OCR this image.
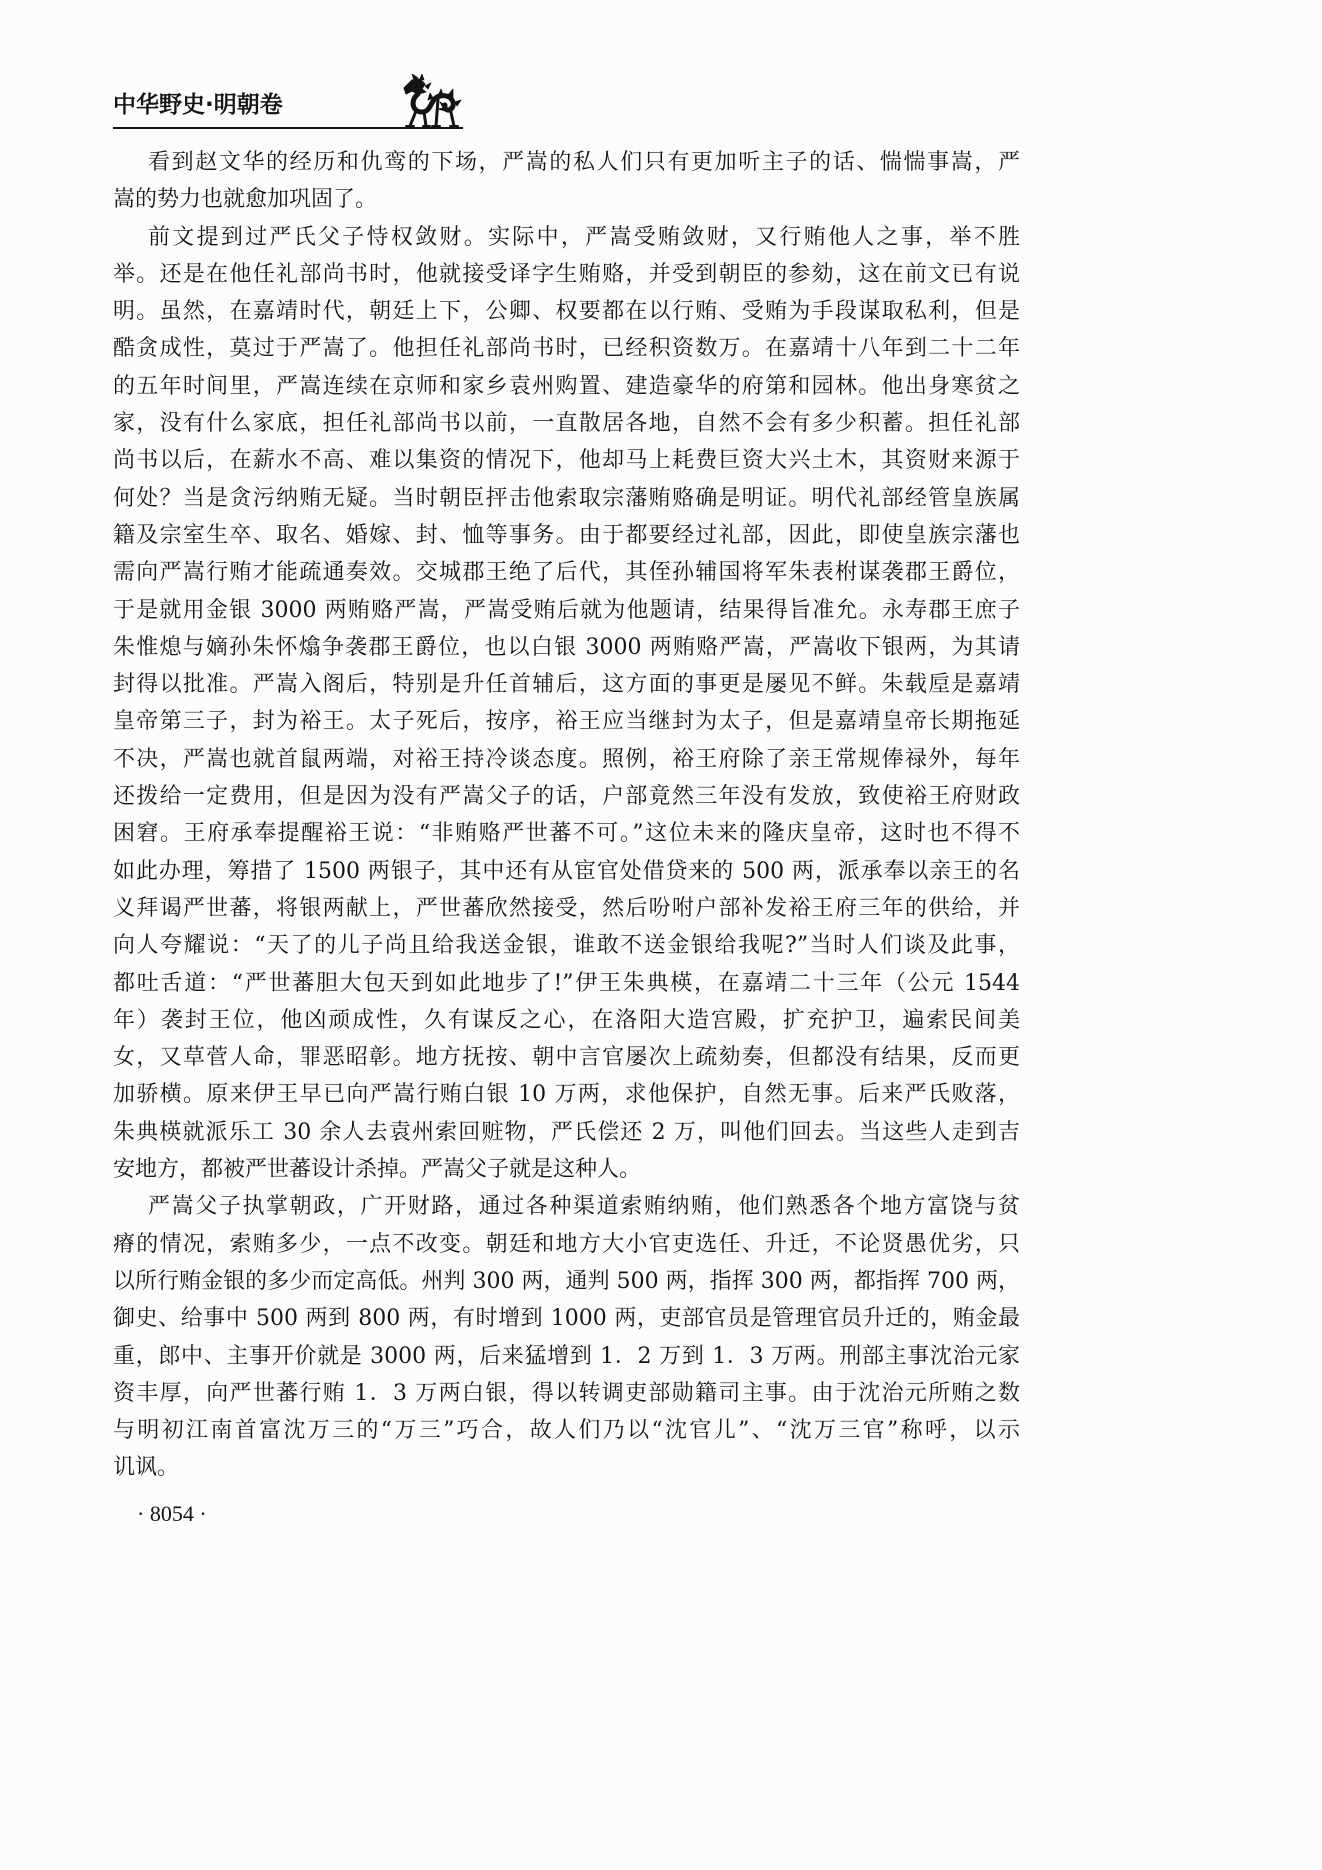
中华野史·明朝卷
看到赵文华的经历和仇鸾的下场，严嵩的私人们只有更加听主子的话、惴惴事嵩，严
嵩的势力也就愈加巩固了。
前文提到过严氏父子恃权敛财。实际中，严嵩受贿敛财，又行贿他人之事，举不胜
举。还是在他任礼部尚书时，他就接受译字生贿赂，并受到朝臣的参劾，这在前文已有说
明。虽然，在嘉靖时代，朝廷上下，公卿、权要都在以行贿、受贿为手段谋取私利，但是
酷贪成性，莫过于严嵩了。他担任礼部尚书时，已经积资数万。在嘉靖十八年到二十二年
的五年时间里，严嵩连续在京师和家乡袁州购置、建造豪华的府第和园林。他出身寒贫之
家，没有什么家底，担任礼部尚书以前，一直散居各地，自然不会有多少积蓄。担任礼部
尚书以后，在薪水不高、难以集资的情况下，他却马上耗费巨资大兴土木，其资财来源于
何处？当是贪污纳贿无疑。当时朝臣抨击他索取宗藩贿赂确是明证。明代礼部经管皇族属
籍及宗室生卒、取名、婚嫁、封、恤等事务。由于都要经过礼部，因此，即使皇族宗藩也
需向严嵩行贿才能疏通奏效。交城郡王绝了后代，其侄孙辅国将军朱表柎谋袭郡王爵位，
于是就用金银 3000 两贿赂严嵩，严嵩受贿后就为他题请，结果得旨准允。永寿郡王庶子
朱惟熄与嫡孙朱怀熻争袭郡王爵位，也以白银 3000 两贿赂严嵩，严嵩收下银两，为其请
封得以批准。严嵩入阁后，特别是升任首辅后，这方面的事更是屡见不鲜。朱载垕是嘉靖
皇帝第三子，封为裕王。太子死后，按序，裕王应当继封为太子，但是嘉靖皇帝长期拖延
不决，严嵩也就首鼠两端，对裕王持冷谈态度。照例，裕王府除了亲王常规俸禄外，每年
还拨给一定费用，但是因为没有严嵩父子的话，户部竟然三年没有发放，致使裕王府财政
困窘。王府承奉提醒裕王说：“非贿赂严世蕃不可。”这位未来的隆庆皇帝，这时也不得不
如此办理，筹措了 1500 两银子，其中还有从宦官处借贷来的 500 两，派承奉以亲王的名
义拜谒严世蕃，将银两献上，严世蕃欣然接受，然后吩咐户部补发裕王府三年的供给，并
向人夸耀说：“天了的儿子尚且给我送金银，谁敢不送金银给我呢?”当时人们谈及此事，
都吐舌道：“严世蕃胆大包天到如此地步了!”伊王朱典楧，在嘉靖二十三年（公元 1544
年）袭封王位，他凶顽成性，久有谋反之心，在洛阳大造宫殿，扩充护卫，遍索民间美
女，又草菅人命，罪恶昭彰。地方抚按、朝中言官屡次上疏劾奏，但都没有结果，反而更
加骄横。原来伊王早已向严嵩行贿白银 10 万两，求他保护，自然无事。后来严氏败落，
朱典楧就派乐工 30 余人去袁州索回赃物，严氏偿还 2 万，叫他们回去。当这些人走到吉
安地方，都被严世蕃设计杀掉。严嵩父子就是这种人。
严嵩父子执掌朝政，广开财路，通过各种渠道索贿纳贿，他们熟悉各个地方富饶与贫
瘠的情况，索贿多少，一点不改变。朝廷和地方大小官吏选任、升迁，不论贤愚优劣，只
以所行贿金银的多少而定高低。州判 300 两，通判 500 两，指挥 300 两，都指挥 700 两，
御史、给事中 500 两到 800 两，有时增到 1000 两，吏部官员是管理官员升迁的，贿金最
重，郎中、主事开价就是 3000 两，后来猛增到 1．2 万到 1．3 万两。刑部主事沈治元家
资丰厚，向严世蕃行贿 1．3 万两白银，得以转调吏部勋籍司主事。由于沈治元所贿之数
与明初江南首富沈万三的“万三”巧合，故人们乃以“沈官儿”、“沈万三官”称呼，以示
讥讽。
· 8054 ·
